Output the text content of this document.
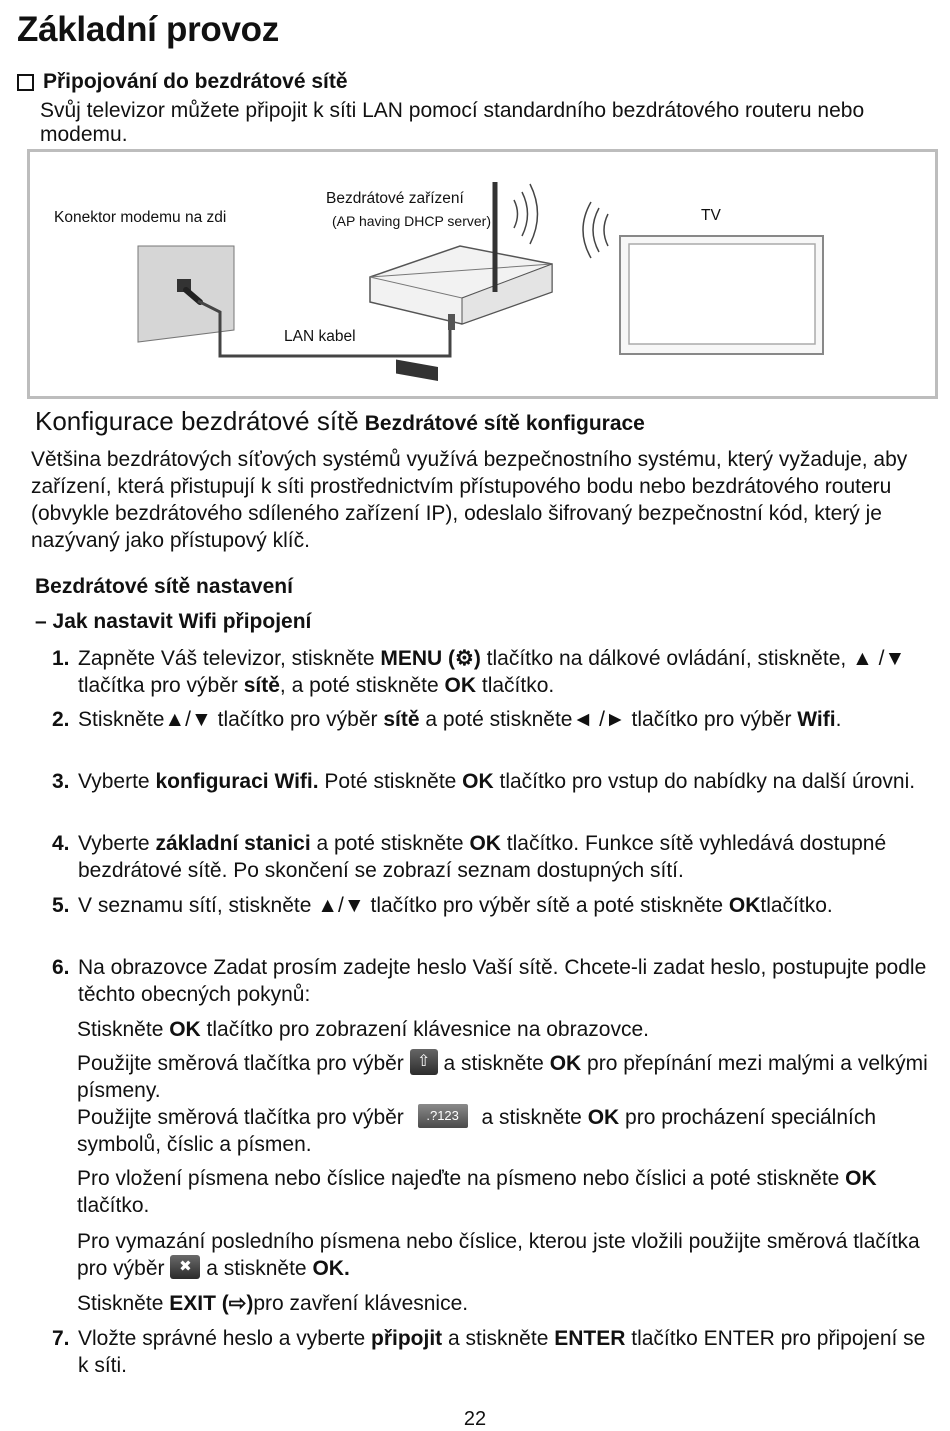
Základní provoz
Připojování do bezdrátové sítě
Svůj televizor můžete připojit k síti LAN pomocí standardního bezdrátového routeru nebo modemu.
Konektor modemu na zdi
Bezdrátové zařízení
(AP having DHCP server)	TV
LAN kabel
Konfigurace bezdrátové sítě Bezdrátové sítě konfigurace
Většina bezdrátových síťových systémů využívá bezpečnostního systému, který vyžaduje, aby zařízení, která přistupují k síti prostřednictvím přístupového bodu nebo bezdrátového routeru (obvykle bezdrátového sdíleného zařízení IP), odeslalo šifrovaný bezpečnostní kód, který je nazývaný jako přístupový klíč.
Bezdrátové sítě nastavení
– Jak nastavit Wifi připojení
1. Zapněte Váš televizor, stiskněte MENU (⚙) tlačítko na dálkové ovládání, stiskněte, ▲ /▼ tlačítka pro výběr sítě, a poté stiskněte OK tlačítko.
2. Stiskněte▲/▼ tlačítko pro výběr sítě a poté stiskněte◄ /► tlačítko pro výběr Wifi.
3. Vyberte konfiguraci Wifi. Poté stiskněte OK tlačítko pro vstup do nabídky na další úrovni.
4. Vyberte základní stanici a poté stiskněte OK tlačítko. Funkce sítě vyhledává dostupné bezdrátové sítě. Po skončení se zobrazí seznam dostupných sítí.
5. V seznamu sítí, stiskněte ▲/▼ tlačítko pro výběr sítě a poté stiskněte OKtlačítko.
6. Na obrazovce Zadat prosím zadejte heslo Vaší sítě. Chcete-li zadat heslo, postupujte podle těchto obecných pokynů:
Stiskněte OK tlačítko pro zobrazení klávesnice na obrazovce.
Použijte směrová tlačítka pro výběr ⇧ a stiskněte OK pro přepínání mezi malými a velkými písmeny.
Použijte směrová tlačítka pro výběr .?123 a stiskněte OK pro procházení speciálních symbolů, číslic a písmen.
Pro vložení písmena nebo číslice najeďte na písmeno nebo číslici a poté stiskněte OK tlačítko.
Pro vymazání posledního písmena nebo číslice, kterou jste vložili použijte směrová tlačítka pro výběr ✖ a stiskněte OK.
Stiskněte EXIT (⇨)pro zavření klávesnice.
7. Vložte správné heslo a vyberte připojit a stiskněte ENTER tlačítko ENTER pro připojení se k síti.
22
